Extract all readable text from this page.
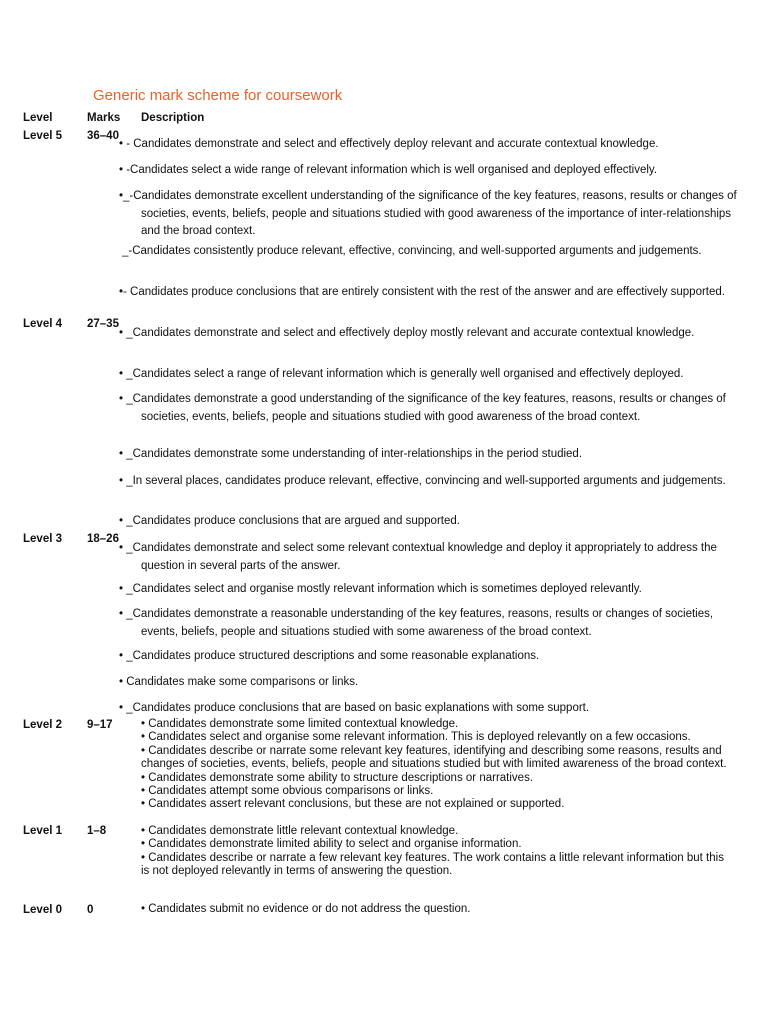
Generic mark scheme for coursework
Level	Marks Description
Level 5 36–40
• - Candidates demonstrate and select and effectively deploy relevant and accurate contextual knowledge.
• -Candidates select a wide range of relevant information which is well organised and deployed effectively.
•_-Candidates demonstrate excellent understanding of the significance of the key features, reasons, results or changes of societies, events, beliefs, people and situations studied with good awareness of the importance of inter-relationships and the broad context.
_-Candidates consistently produce relevant, effective, convincing, and well-supported arguments and judgements.
•- Candidates produce conclusions that are entirely consistent with the rest of the answer and are effectively supported.
Level 4 27–35
• _Candidates demonstrate and select and effectively deploy mostly relevant and accurate contextual knowledge.
• _Candidates select a range of relevant information which is generally well organised and effectively deployed.
• _Candidates demonstrate a good understanding of the significance of the key features, reasons, results or changes of societies, events, beliefs, people and situations studied with good awareness of the broad context.
• _Candidates demonstrate some understanding of inter-relationships in the period studied.
• _In several places, candidates produce relevant, effective, convincing and well-supported arguments and judgements.
• _Candidates produce conclusions that are argued and supported.
Level 3 18–26
• _Candidates demonstrate and select some relevant contextual knowledge and deploy it appropriately to address the question in several parts of the answer.
• _Candidates select and organise mostly relevant information which is sometimes deployed relevantly.
• _Candidates demonstrate a reasonable understanding of the key features, reasons, results or changes of societies, events, beliefs, people and situations studied with some awareness of the broad context.
• _Candidates produce structured descriptions and some reasonable explanations.
• Candidates make some comparisons or links.
• _Candidates produce conclusions that are based on basic explanations with some support.
Level 2 9–17 • Candidates demonstrate some limited contextual knowledge.
• Candidates select and organise some relevant information. This is deployed relevantly on a few occasions.
• Candidates describe or narrate some relevant key features, identifying and describing some reasons, results and changes of societies, events, beliefs, people and situations studied but with limited awareness of the broad context.
• Candidates demonstrate some ability to structure descriptions or narratives.
• Candidates attempt some obvious comparisons or links.
• Candidates assert relevant conclusions, but these are not explained or supported.
Level 1 1–8	• Candidates demonstrate little relevant contextual knowledge.
• Candidates demonstrate limited ability to select and organise information.
• Candidates describe or narrate a few relevant key features. The work contains a little relevant information but this is not deployed relevantly in terms of answering the question.
Level 0 0	• Candidates submit no evidence or do not address the question.
